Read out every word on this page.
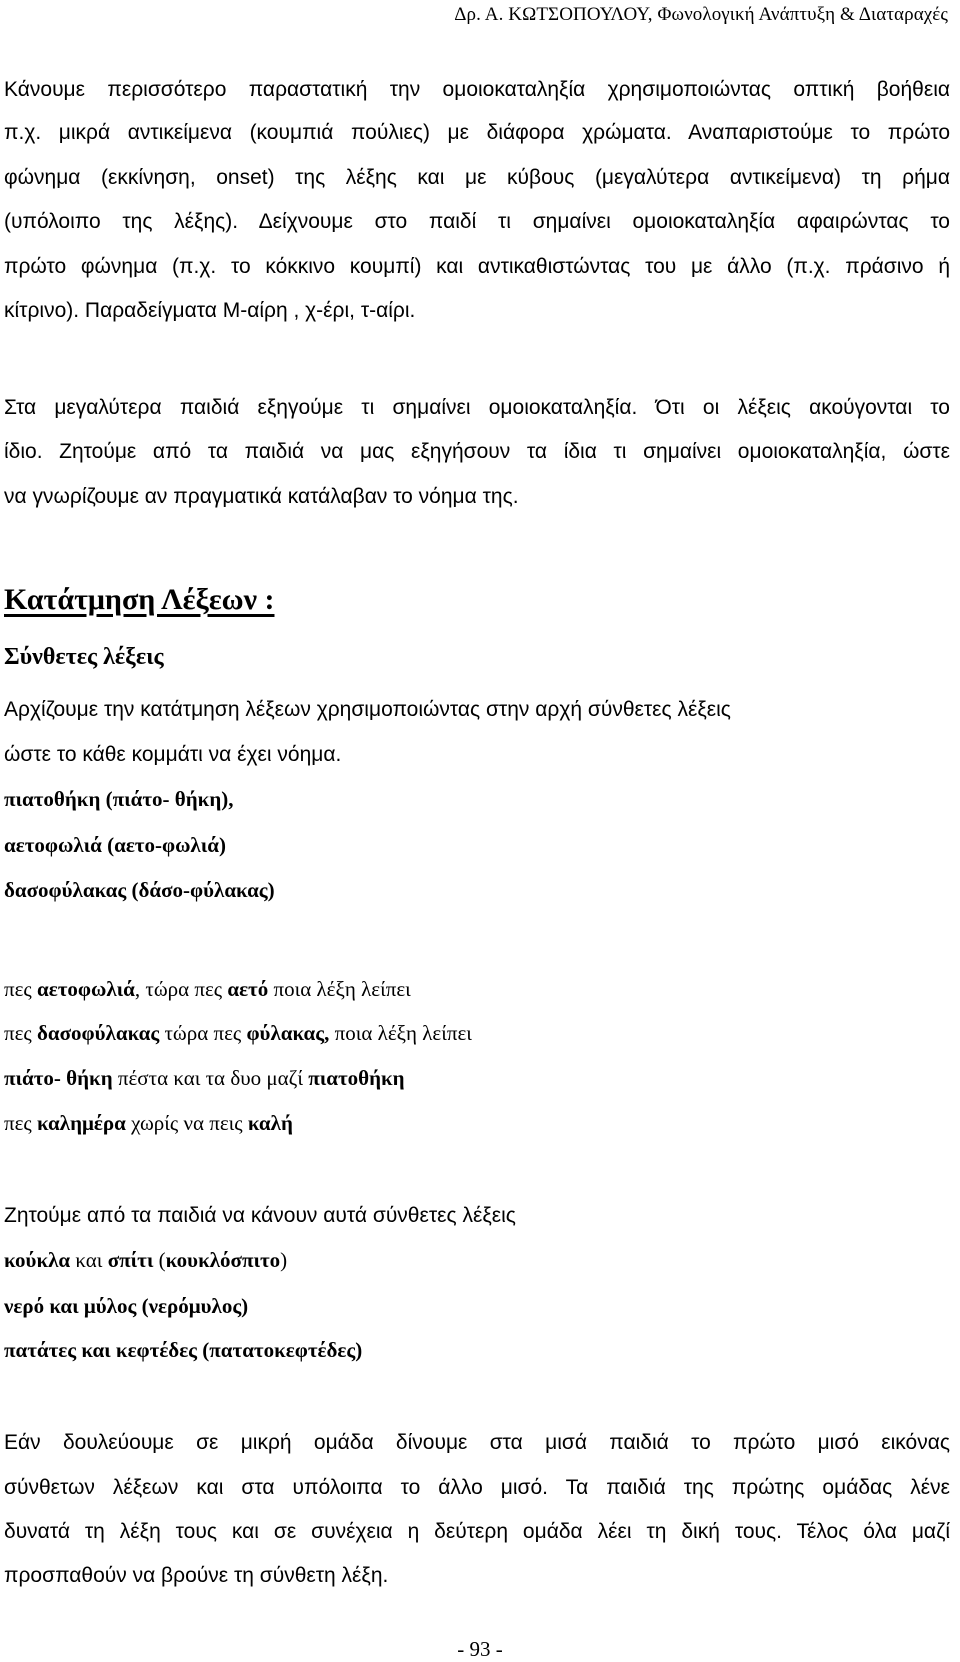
Δρ. Α. ΚΩΤΣΟΠΟΥΛΟΥ, Φωνολογική Ανάπτυξη & Διαταραχές
Κάνουμε περισσότερο παραστατική την ομοιοκαταληξία χρησιμοποιώντας οπτική βοήθεια
π.χ. μικρά αντικείμενα (κουμπιά πούλιες) με διάφορα χρώματα. Αναπαριστούμε το πρώτο
φώνημα (εκκίνηση, onset) της λέξης και με κύβους (μεγαλύτερα αντικείμενα) τη ρήμα
(υπόλοιπο της λέξης). Δείχνουμε στο παιδί τι σημαίνει ομοιοκαταληξία αφαιρώντας το
πρώτο φώνημα (π.χ. το κόκκινο κουμπί) και αντικαθιστώντας του με άλλο (π.χ. πράσινο ή
κίτρινο). Παραδείγματα Μ-αίρη , χ-έρι, τ-αίρι.
Στα μεγαλύτερα παιδιά εξηγούμε τι σημαίνει ομοιοκαταληξία. Ότι οι λέξεις ακούγονται το
ίδιο. Ζητούμε από τα παιδιά να μας εξηγήσουν τα ίδια τι σημαίνει ομοιοκαταληξία, ώστε
να γνωρίζουμε αν πραγματικά κατάλαβαν το νόημα της.
Κατάτμηση Λέξεων :
Σύνθετες λέξεις
Αρχίζουμε την κατάτμηση λέξεων χρησιμοποιώντας στην αρχή σύνθετες λέξεις
ώστε το κάθε κομμάτι να έχει νόημα.
πιατοθήκη (πιάτο- θήκη),
αετοφωλιά (αετο-φωλιά)
δασοφύλακας (δάσο-φύλακας)
πες αετοφωλιά, τώρα πες αετό ποια λέξη λείπει
πες δασοφύλακας τώρα πες φύλακας, ποια λέξη λείπει
πιάτο- θήκη πέστα και τα δυο μαζί πιατοθήκη
πες καλημέρα χωρίς να πεις καλή
Ζητούμε από τα παιδιά να κάνουν αυτά σύνθετες λέξεις
κούκλα και σπίτι (κουκλόσπιτο)
νερό και μύλος (νερόμυλος)
πατάτες και κεφτέδες (πατατοκεφτέδες)
Εάν δουλεύουμε σε μικρή ομάδα δίνουμε στα μισά παιδιά το πρώτο μισό εικόνας
σύνθετων λέξεων και στα υπόλοιπα το άλλο μισό. Τα παιδιά της πρώτης ομάδας λένε
δυνατά τη λέξη τους και σε συνέχεια η δεύτερη ομάδα λέει τη δική τους. Τέλος όλα μαζί
προσπαθούν να βρούνε τη σύνθετη λέξη.
- 93 -
